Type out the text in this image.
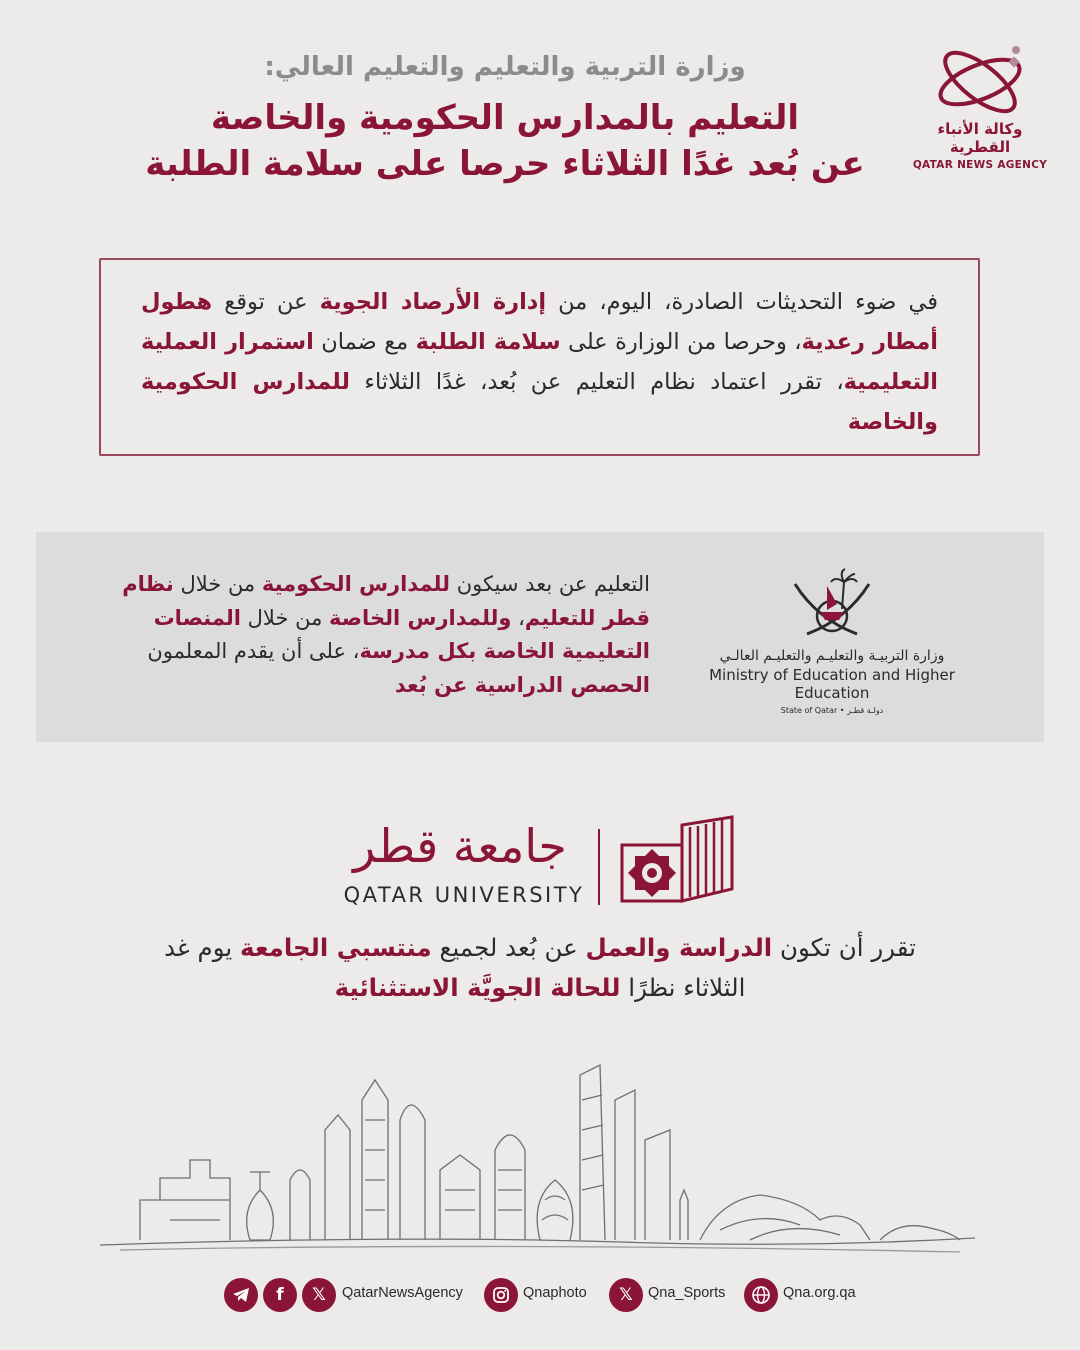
وكالة الأنباء القطرية
QATAR NEWS AGENCY
وزارة التربية والتعليم والتعليم العالي:
التعليم بالمدارس الحكومية والخاصة
عن بُعد غدًا الثلاثاء حرصا على سلامة الطلبة

في ضوء التحديثات الصادرة، اليوم، من إدارة الأرصاد الجوية عن توقع هطول أمطار رعدية، وحرصا من الوزارة على سلامة الطلبة مع ضمان استمرار العملية التعليمية، تقرر اعتماد نظام التعليم عن بُعد، غدًا الثلاثاء للمدارس الحكومية والخاصة

التعليم عن بعد سيكون للمدارس الحكومية من خلال نظام قطر للتعليم، وللمدارس الخاصة من خلال المنصات التعليمية الخاصة بكل مدرسة، على أن يقدم المعلمون الحصص الدراسية عن بُعد

وزارة التربيـة والتعليـم والتعليـم العالـي
Ministry of Education and Higher Education
State of Qatar • دولـة قطـر
جامعة قطر
QATAR UNIVERSITY

تقرر أن تكون الدراسة والعمل عن بُعد لجميع منتسبي الجامعة يوم غد الثلاثاء نظرًا للحالة الجويَّة الاستثنائية

f 𝕏 QatarNewsAgency	Qnaphoto 𝕏 Qna_Sports	Qna.org.qa
